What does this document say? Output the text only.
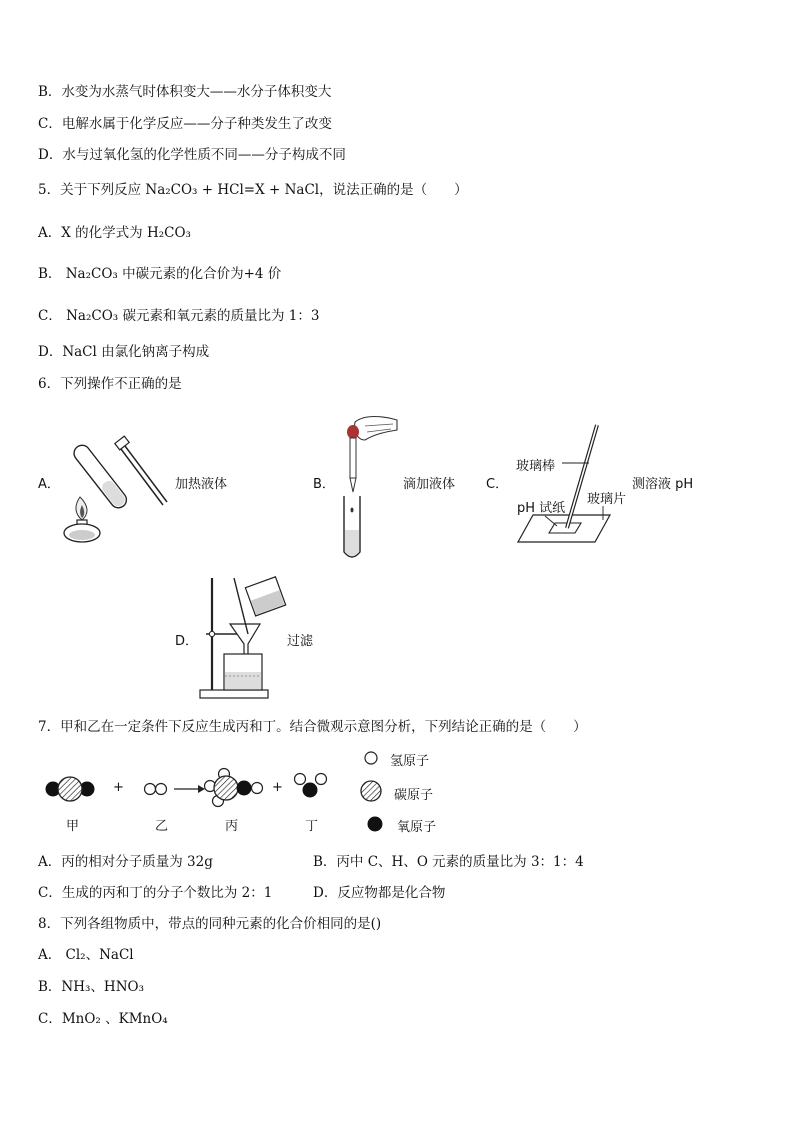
B．水变为水蒸气时体积变大——水分子体积变大
C．电解水属于化学反应——分子种类发生了改变
D．水与过氧化氢的化学性质不同——分子构成不同
5．关于下列反应 Na₂CO₃ + HCl=X + NaCl，说法正确的是（　　）
A．X 的化学式为 H₂CO₃
B． Na₂CO₃ 中碳元素的化合价为+4 价
C． Na₂CO₃ 碳元素和氧元素的质量比为 1：3
D．NaCl 由氯化钠离子构成
6．下列操作不正确的是
A．	加热液体	B．	滴加液体 C．
玻璃棒
pH 试纸
玻璃片
测溶液 pH
D．	过滤
7．甲和乙在一定条件下反应生成丙和丁。结合微观示意图分析，下列结论正确的是（　　）
+	+
甲	乙	丙	丁
氢原子
碳原子
氧原子
A．丙的相对分子质量为 32g	B．丙中 C、H、O 元素的质量比为 3：1：4
C．生成的丙和丁的分子个数比为 2：1	D．反应物都是化合物
8．下列各组物质中，带点的同种元素的化合价相同的是()
A． Cl₂、NaCl
B．NH₃、HNO₃
C．MnO₂ 、KMnO₄
